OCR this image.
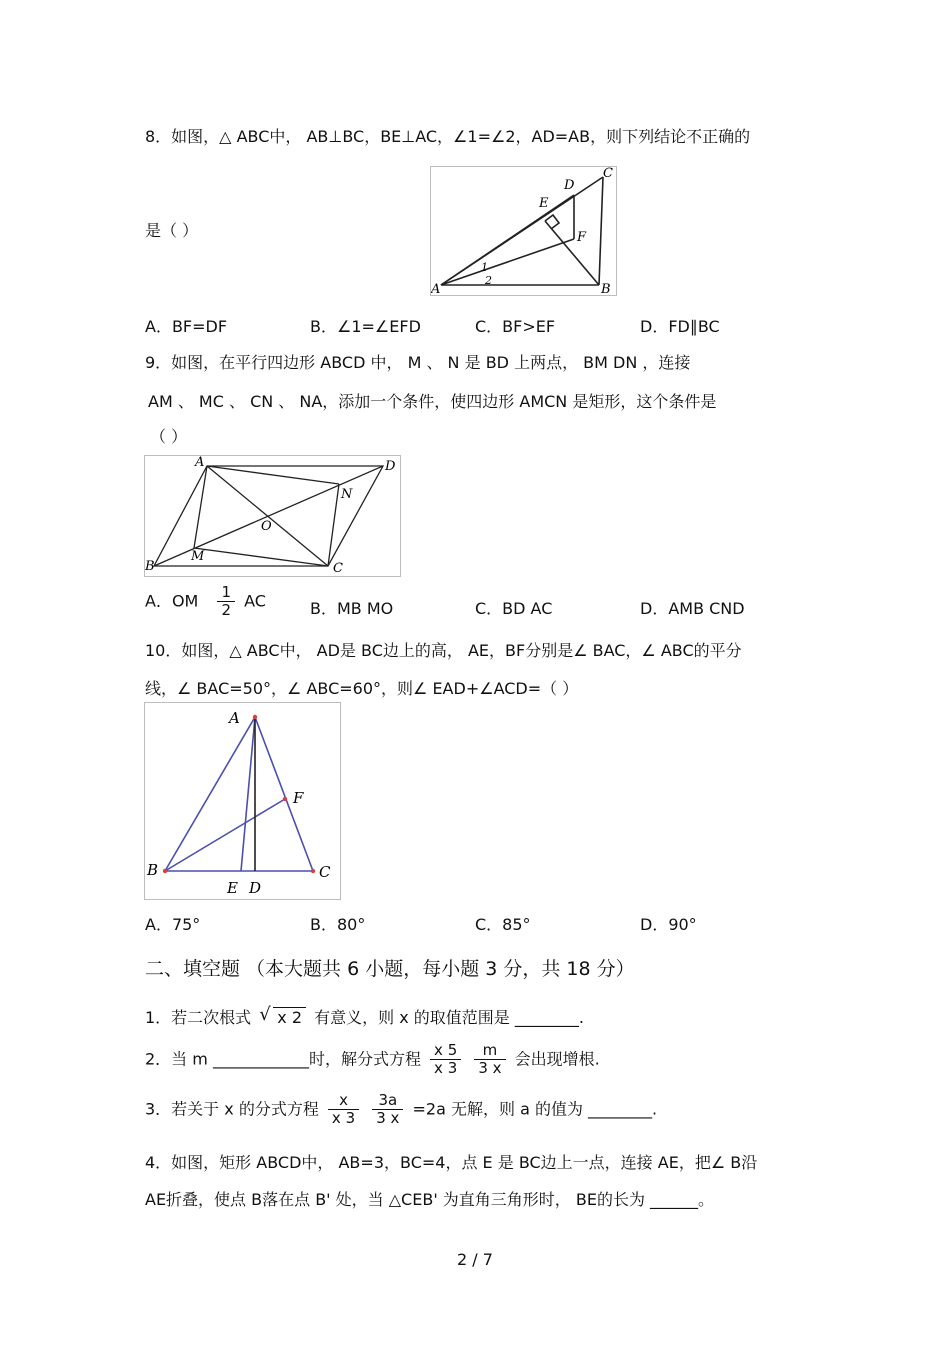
8．如图，△ ABC中， AB⊥BC，BE⊥AC，∠1=∠2，AD=AB，则下列结论不正确的
A	B
C
D
E
F
1
2
是（ ）
A．BF=DF	B．∠1=∠EFD	C．BF>EF	D．FD∥BC
9．如图，在平行四边形 ABCD 中， M 、 N 是 BD 上两点， BM DN ，连接
AM 、 MC 、 CN 、 NA，添加一个条件，使四边形 AMCN 是矩形，这个条件是
（ ）
A	D
B	C
M
N
O
A．OM $\frac{1}{2}$ AC	B．MB MO	C．BD AC	D．AMB CND
10．如图，△ ABC中， AD是 BC边上的高， AE，BF分别是∠ BAC，∠ ABC的平分
线，∠ BAC=50°，∠ ABC=60°，则∠ EAD+∠ACD=（ ）
A
B	C
D
E
F
A．75°	B．80°	C．85°	D．90°
二、填空题 （本大题共 6 小题，每小题 3 分，共 18 分）
1．若二次根式 √ x 2 有意义，则 x 的取值范围是 ________.
2．当 m ____________时，解分式方程 $\frac{x 5}{x 3}$
$\frac{m}{3 x}$ 会出现增根.
3．若关于 x 的分式方程 $\frac{x}{x 3}$
$\frac{3a}{3 x} =2a$ 无解，则 a 的值为 ________.
4．如图，矩形 ABCD中， AB=3，BC=4，点 E 是 BC边上一点，连接 AE，把∠ B沿
AE折叠，使点 B落在点 B' 处，当 △CEB' 为直角三角形时， BE的长为 ______。
2 / 7
